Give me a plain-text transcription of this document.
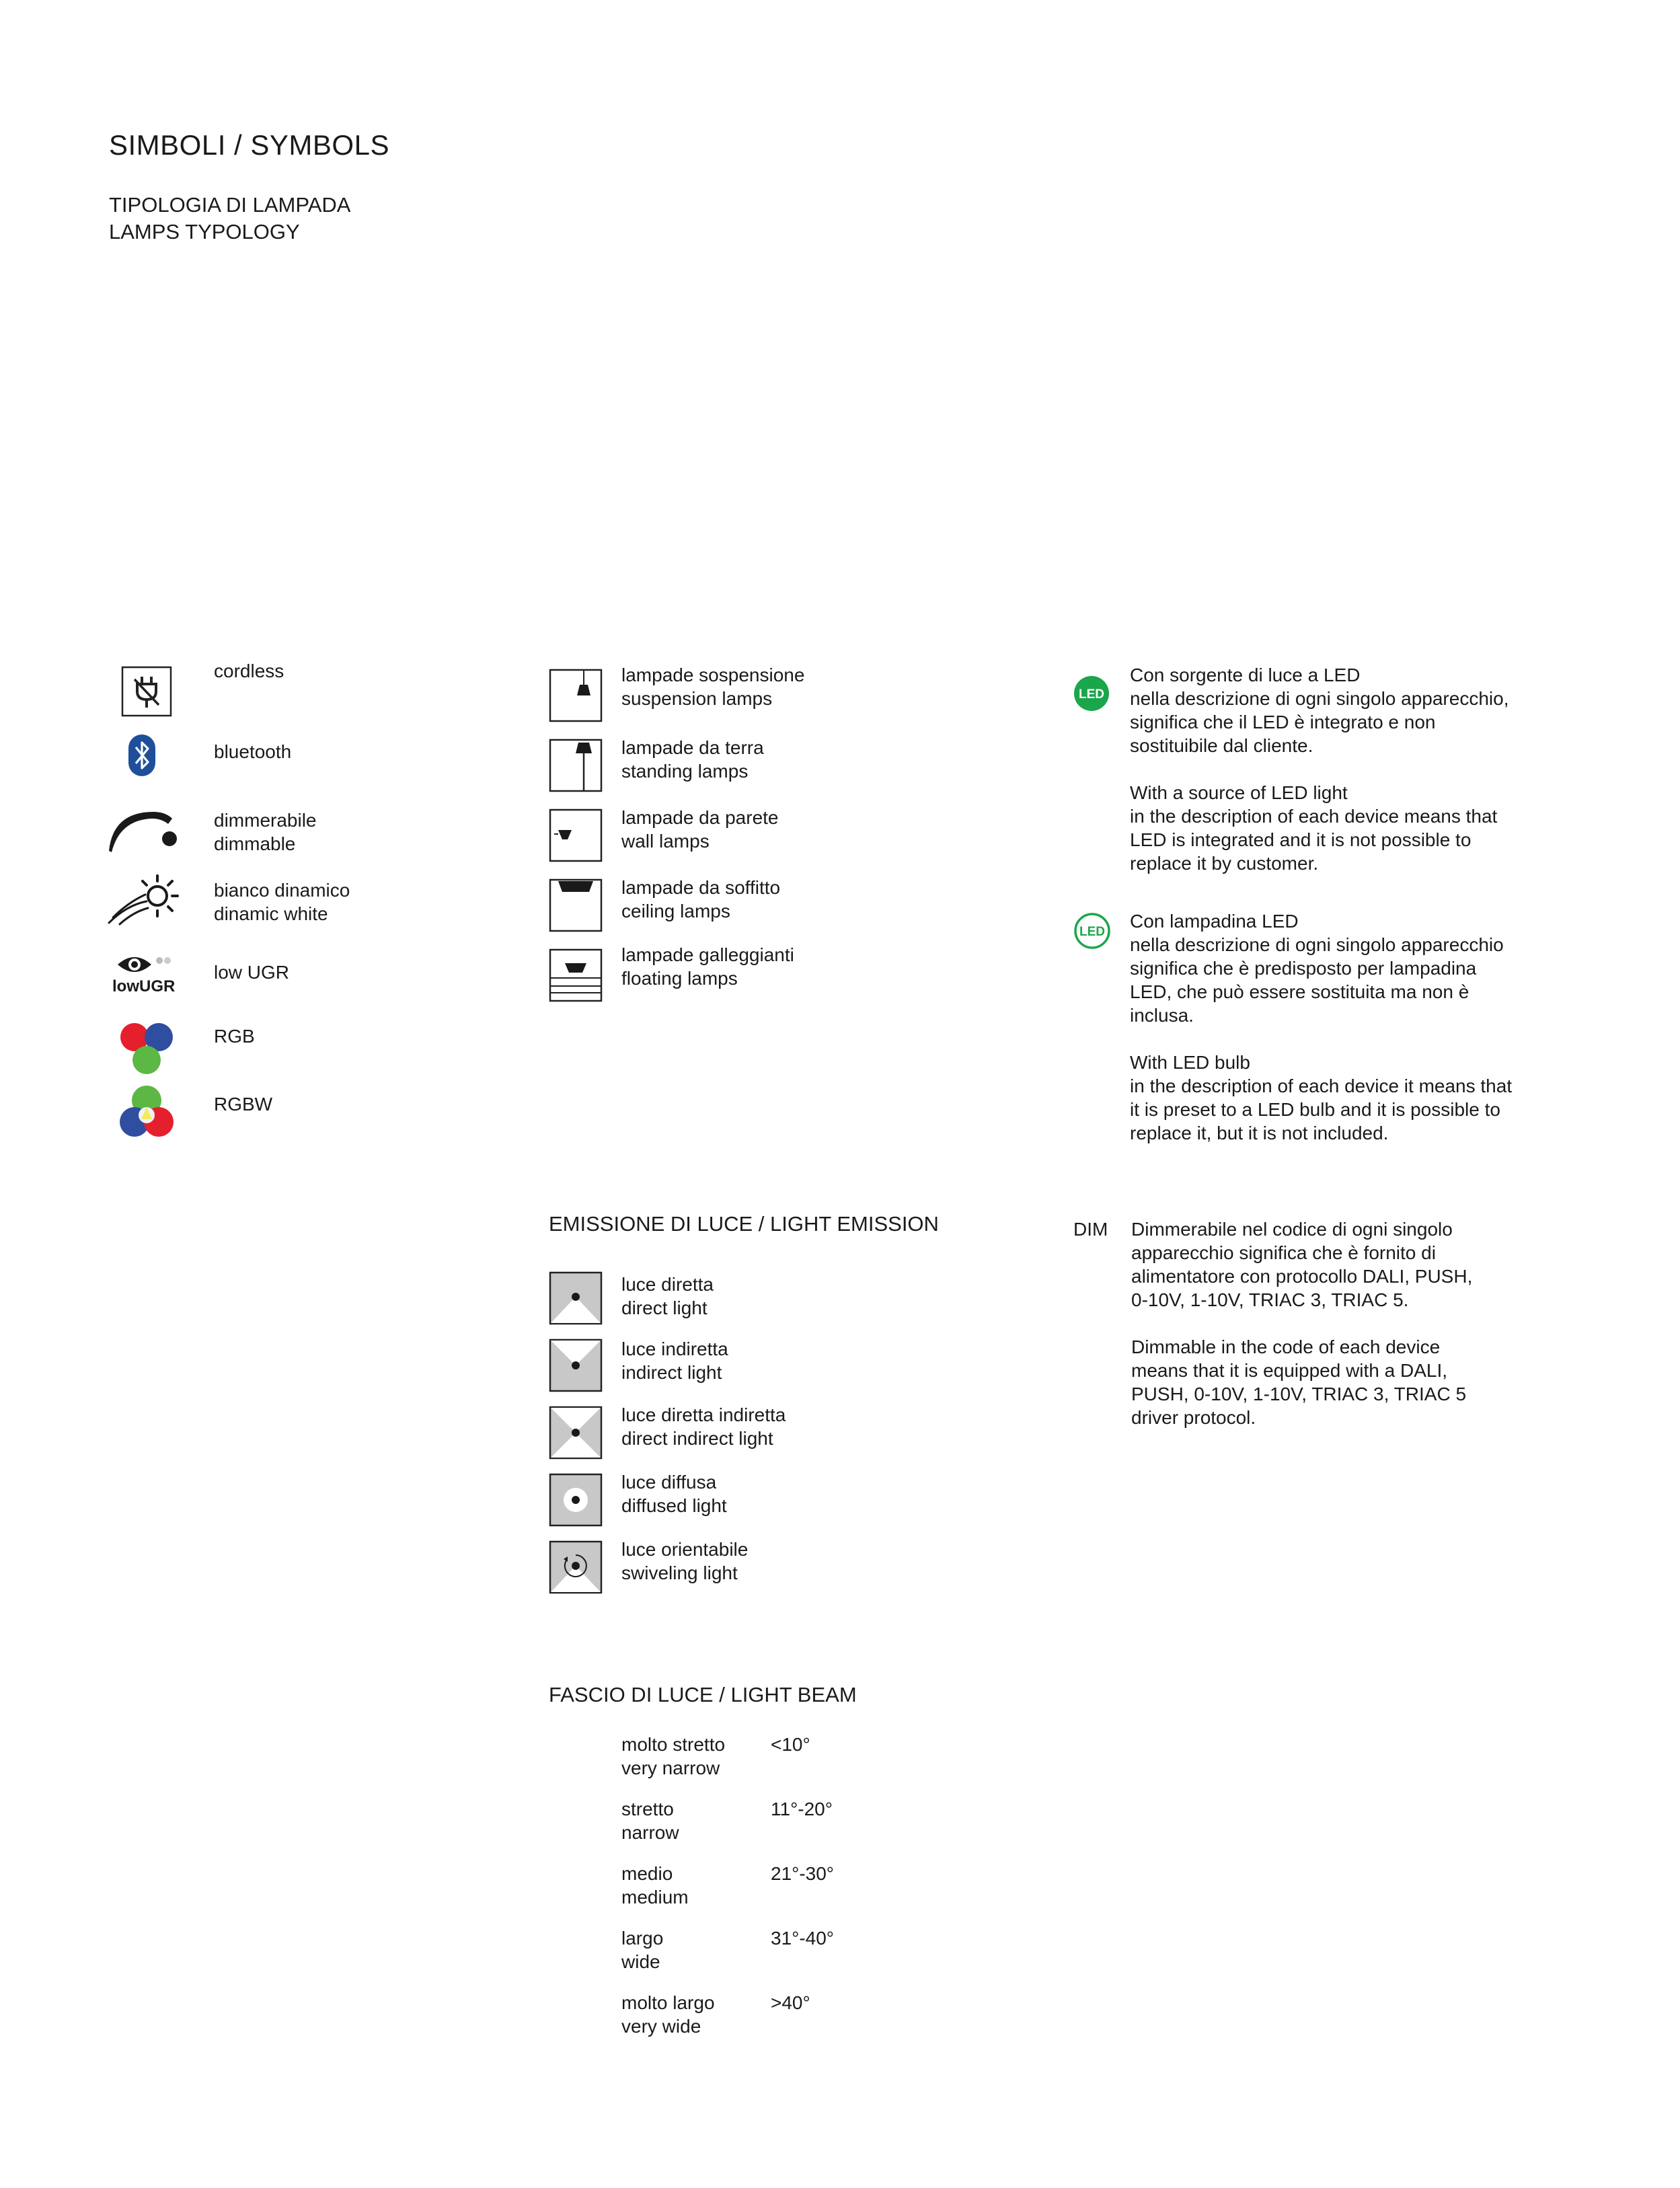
SIMBOLI / SYMBOLS
TIPOLOGIA DI LAMPADA
LAMPS TYPOLOGY
cordless
bluetooth
dimmerabile
dimmable
bianco dinamico
dinamic white
lowUGR
low UGR
RGB
RGBW
lampade sospensione
suspension lamps
lampade da terra
standing lamps
lampade da parete
wall lamps
lampade da soffitto
ceiling lamps
lampade galleggianti
floating lamps
LED
Con sorgente di luce a LED
nella descrizione di ogni singolo apparecchio,
significa che il LED è integrato e non
sostituibile dal cliente.
With a source of LED light
in the description of each device means that
LED is integrated and it is not possible to
replace it by customer.
LED
Con lampadina LED
nella descrizione di ogni singolo apparecchio
significa che è predisposto per lampadina
LED, che può essere sostituita ma non è
inclusa.
With LED bulb
in the description of each device it means that
it is preset to a LED bulb and it is possible to
replace it, but it is not included.
EMISSIONE DI LUCE / LIGHT EMISSION
luce diretta
direct light
luce indiretta
indirect light
luce diretta indiretta
direct indirect light
luce diffusa
diffused light
luce orientabile
swiveling light
DIM Dimmerabile nel codice di ogni singolo
apparecchio significa che è fornito di
alimentatore con protocollo DALI, PUSH,
0-10V, 1-10V, TRIAC 3, TRIAC 5.
Dimmable in the code of each device
means that it is equipped with a DALI,
PUSH, 0-10V, 1-10V, TRIAC 3, TRIAC 5
driver protocol.
FASCIO DI LUCE / LIGHT BEAM
molto stretto
very narrow
<10°
stretto
narrow
11°-20°
medio
medium
21°-30°
largo
wide
31°-40°
molto largo
very wide
>40°
